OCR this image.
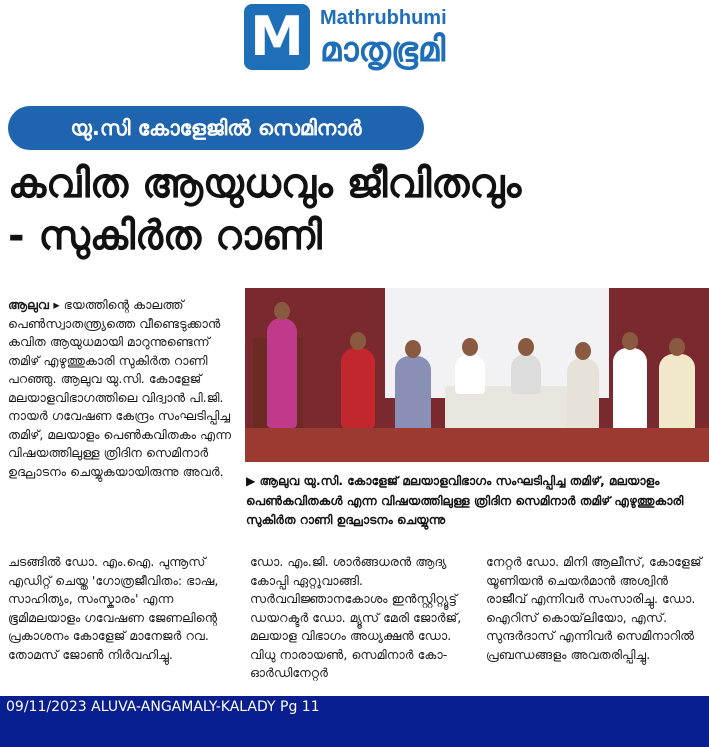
M Mathrubhumi
മാതൃഭൂമി
യു.സി കോളേജിൽ സെമിനാർ
കവിത ആയുധവും ജീവിതവും
- സുകിർത റാണി

ആലുവ ▸ ഭയത്തിന്റെ കാലത്ത് പെൺസ്വാതന്ത്ര്യത്തെ വീണ്ടെടുക്കാൻ കവിത ആയുധമായി മാറുന്നുണ്ടെന്ന് തമിഴ് എഴുത്തുകാരി സുകിർത റാണി പറഞ്ഞു. ആലുവ യു.സി. കോളേജ് മലയാളവിഭാഗത്തിലെ വിദ്വാൻ പി.ജി. നായർ ഗവേഷണ കേന്ദ്രം സംഘടിപ്പിച്ച തമിഴ്, മലയാളം പെൺകവിതകം എന്ന വിഷയത്തിലുള്ള ത്രിദിന സെമിനാർ ഉദ്ഘാടനം ചെയ്യുകയായിരുന്നു അവർ.

▶ ആലുവ യു.സി. കോളേജ് മലയാളവിഭാഗം സംഘടിപ്പിച്ച തമിഴ്, മലയാളം പെൺകവിതകൾ എന്ന വിഷയത്തിലുള്ള ത്രിദിന സെമിനാർ തമിഴ് എഴുത്തുകാരി സുകിർത റാണി ഉദ്ഘാടനം ചെയ്യുന്നു

ചടങ്ങിൽ ഡോ. എം.ഐ. പുന്നൂസ് എഡിറ്റ് ചെയ്ത 'ഗോത്രജീവിതം: ഭാഷ, സാഹിത്യം, സംസ്കാരം' എന്ന ഭൂമിമലയാളം ഗവേഷണ ജേണലിന്റെ പ്രകാശനം കോളേജ് മാനേജർ റവ. തോമസ് ജോൺ നിർവഹിച്ചു.

ഡോ. എം.ജി. ശാർങ്ങധരൻ ആദ്യ കോപ്പി ഏറ്റുവാങ്ങി. സർവവിജ്ഞാനകോശം ഇൻസ്റ്റിറ്റ്യൂട്ട് ഡയറക്ടർ ഡോ. മ്യൂസ് മേരി ജോർജ്, മലയാള വിഭാഗം അധ്യക്ഷൻ ഡോ. വിധു നാരായൺ, സെമിനാർ കോ-ഓർഡിനേറ്റർ

നേറ്റർ ഡോ. മിനി ആലീസ്, കോളേജ് യൂണിയൻ ചെയർമാൻ അശ്വിൻ രാജീവ് എന്നിവർ സംസാരിച്ചു. ഡോ. ഐറിസ് കൊയ്‌ലിയോ, എസ്. സുന്ദർദാസ് എന്നിവർ സെമിനാറിൽ പ്രബന്ധങ്ങളം അവതരിപ്പിച്ചു.

09/11/2023 ALUVA-ANGAMALY-KALADY Pg 11
